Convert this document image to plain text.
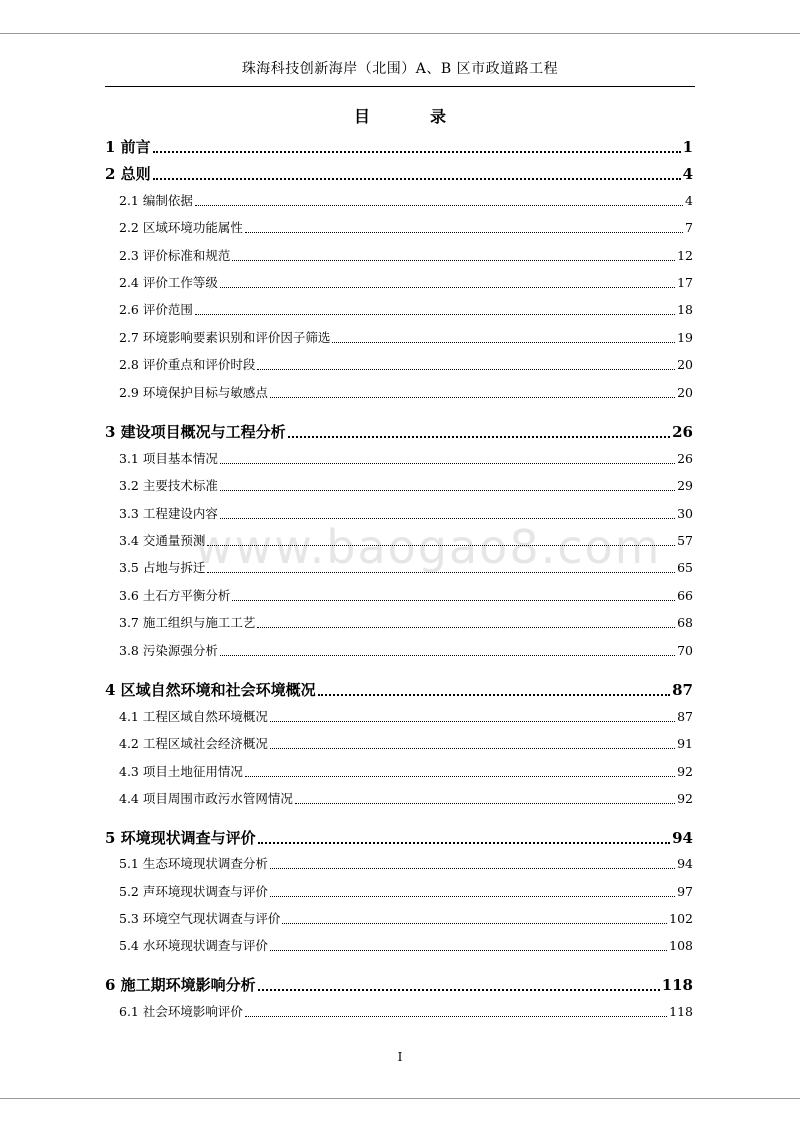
珠海科技创新海岸（北围）A、B 区市政道路工程
目　录
www.baogao8.com
1 前言	1
2 总则	4
2.1 编制依据	4
2.2 区域环境功能属性	7
2.3 评价标准和规范	12
2.4 评价工作等级	17
2.6 评价范围	18
2.7 环境影响要素识别和评价因子筛选	19
2.8 评价重点和评价时段	20
2.9 环境保护目标与敏感点	20
3 建设项目概况与工程分析	26
3.1 项目基本情况	26
3.2 主要技术标准	29
3.3 工程建设内容	30
3.4 交通量预测	57
3.5 占地与拆迁	65
3.6 土石方平衡分析	66
3.7 施工组织与施工工艺	68
3.8 污染源强分析	70
4 区域自然环境和社会环境概况	87
4.1 工程区域自然环境概况	87
4.2 工程区域社会经济概况	91
4.3 项目土地征用情况	92
4.4 项目周围市政污水管网情况	92
5 环境现状调查与评价	94
5.1 生态环境现状调查分析	94
5.2 声环境现状调查与评价	97
5.3 环境空气现状调查与评价	102
5.4 水环境现状调查与评价	108
6 施工期环境影响分析	118
6.1 社会环境影响评价	118
I
